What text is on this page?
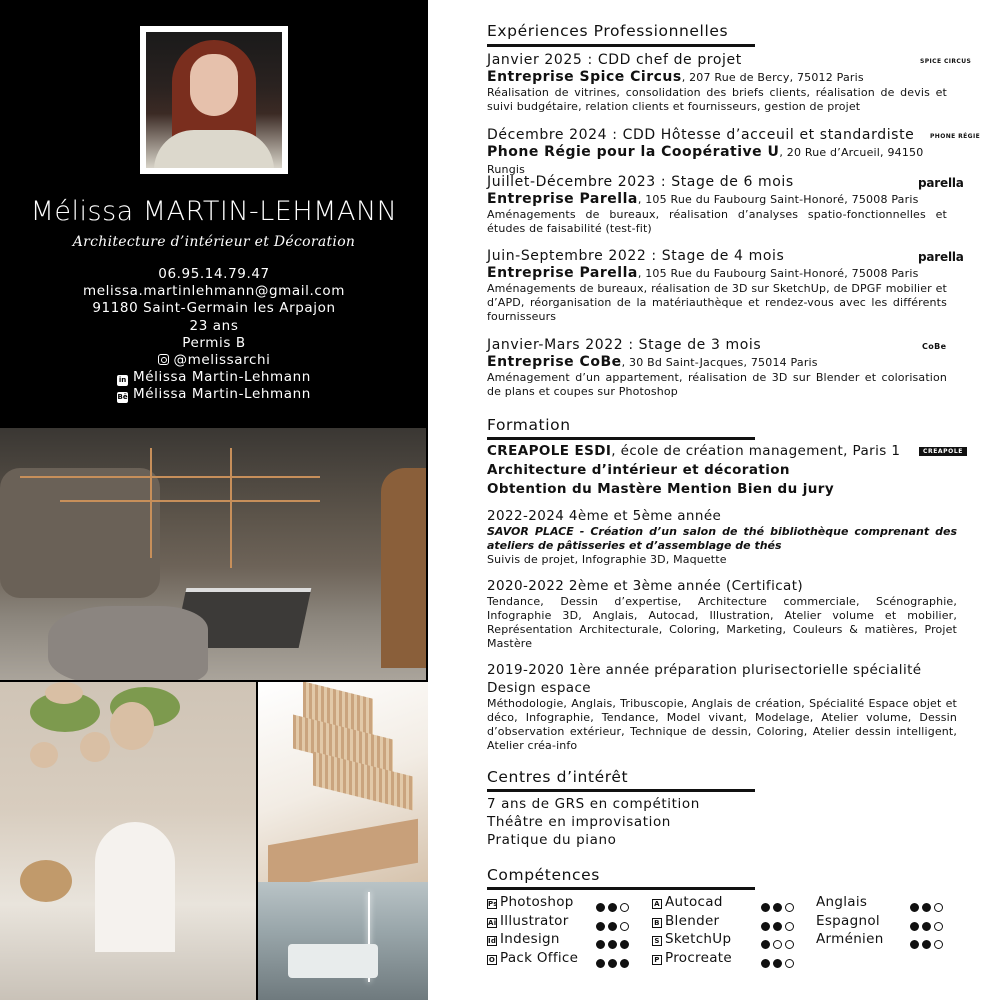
Mélissa MARTIN-LEHMANN
Architecture d’intérieur et Décoration
06.95.14.79.47
melissa.martinlehmann@gmail.com
91180 Saint-Germain les Arpajon
23 ans
Permis B
@melissarchi
in Mélissa Martin-Lehmann
Bē Mélissa Martin-Lehmann
Expériences Professionnelles
Janvier 2025 : CDD chef de projet
Entreprise Spice Circus, 207 Rue de Bercy, 75012 Paris
Réalisation de vitrines, consolidation des briefs clients, réalisation de devis et suivi budgétaire, relation clients et fournisseurs, gestion de projet
SPICE CIRCUS
Décembre 2024 : CDD Hôtesse d’acceuil et standardiste
Phone Régie pour la Coopérative U, 20 Rue d’Arcueil, 94150 Rungis
PHONE RÉGIE
Juillet-Décembre 2023 : Stage de 6 mois
Entreprise Parella, 105 Rue du Faubourg Saint-Honoré, 75008 Paris
Aménagements de bureaux, réalisation d’analyses spatio-fonctionnelles et études de faisabilité (test-fit)
parella
Juin-Septembre 2022 : Stage de 4 mois
Entreprise Parella, 105 Rue du Faubourg Saint-Honoré, 75008 Paris
Aménagements de bureaux, réalisation de 3D sur SketchUp, de DPGF mobilier et d’APD, réorganisation de la matériauthèque et rendez-vous avec les différents fournisseurs
parella
Janvier-Mars 2022 : Stage de 3 mois
Entreprise CoBe, 30 Bd Saint-Jacques, 75014 Paris
Aménagement d’un appartement, réalisation de 3D sur Blender et colorisation de plans et coupes sur Photoshop
CoBe
Formation
CREAPOLE ESDI, école de création management, Paris 1	CREAPOLE
Architecture d’intérieur et décoration
Obtention du Mastère Mention Bien du jury
2022-2024 4ème et 5ème année
SAVOR PLACE - Création d’un salon de thé bibliothèque comprenant des ateliers de pâtisseries et d’assemblage de thés
Suivis de projet, Infographie 3D, Maquette
2020-2022 2ème et 3ème année (Certificat)
Tendance, Dessin d’expertise, Architecture commerciale, Scénographie, Infographie 3D, Anglais, Autocad, Illustration, Atelier volume et mobilier, Représentation Architecturale, Coloring, Marketing, Couleurs & matières, Projet Mastère
2019-2020 1ère année préparation plurisectorielle spécialité
Design espace
Méthodologie, Anglais, Tribuscopie, Anglais de création, Spécialité Espace objet et déco, Infographie, Tendance, Model vivant, Modelage, Atelier volume, Dessin d’observation extérieur, Technique de dessin, Coloring, Atelier dessin intelligent, Atelier créa-info
Centres d’intérêt
7 ans de GRS en compétition
Théâtre en improvisation
Pratique du piano
Compétences
Ps Photoshop
Ai Illustrator
Id Indesign
O Pack Office
A Autocad
B Blender
S SketchUp
P Procreate
Anglais
Espagnol
Arménien
